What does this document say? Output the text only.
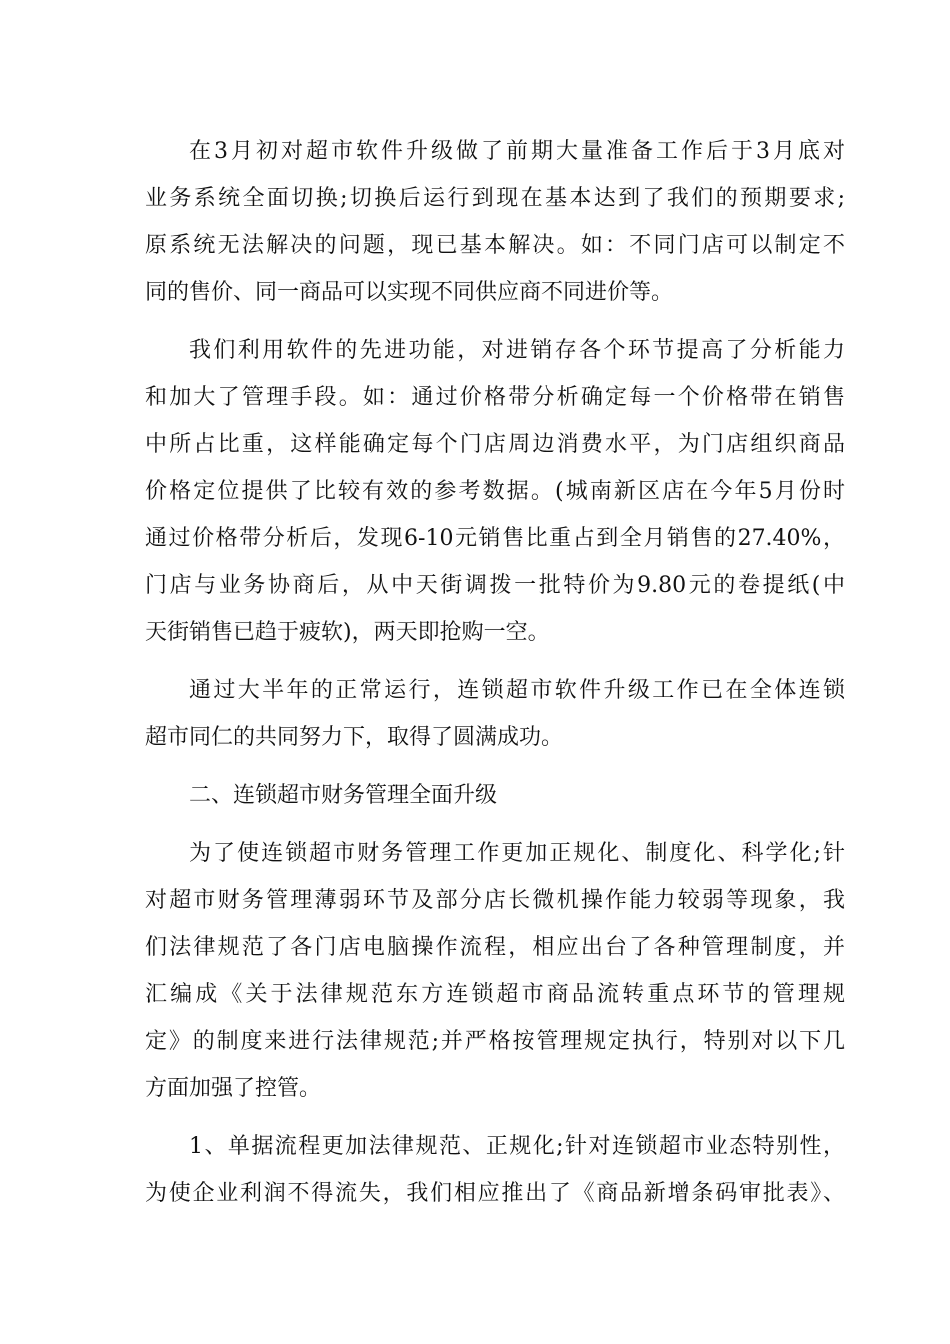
在3月初对超市软件升级做了前期大量准备工作后于3月底对
业务系统全面切换;切换后运行到现在基本达到了我们的预期要求;
原系统无法解决的问题，现已基本解决。如：不同门店可以制定不
同的售价、同一商品可以实现不同供应商不同进价等。

我们利用软件的先进功能，对进销存各个环节提高了分析能力
和加大了管理手段。如：通过价格带分析确定每一个价格带在销售
中所占比重，这样能确定每个门店周边消费水平，为门店组织商品
价格定位提供了比较有效的参考数据。(城南新区店在今年5月份时
通过价格带分析后，发现6-10元销售比重占到全月销售的27.40%，
门店与业务协商后，从中天街调拨一批特价为9.80元的卷提纸(中
天街销售已趋于疲软)，两天即抢购一空。

通过大半年的正常运行，连锁超市软件升级工作已在全体连锁
超市同仁的共同努力下，取得了圆满成功。

二、连锁超市财务管理全面升级

为了使连锁超市财务管理工作更加正规化、制度化、科学化;针
对超市财务管理薄弱环节及部分店长微机操作能力较弱等现象，我
们法律规范了各门店电脑操作流程，相应出台了各种管理制度，并
汇编成《关于法律规范东方连锁超市商品流转重点环节的管理规
定》的制度来进行法律规范;并严格按管理规定执行，特别对以下几
方面加强了控管。

1、单据流程更加法律规范、正规化;针对连锁超市业态特别性，
为使企业利润不得流失，我们相应推出了《商品新增条码审批表》、
